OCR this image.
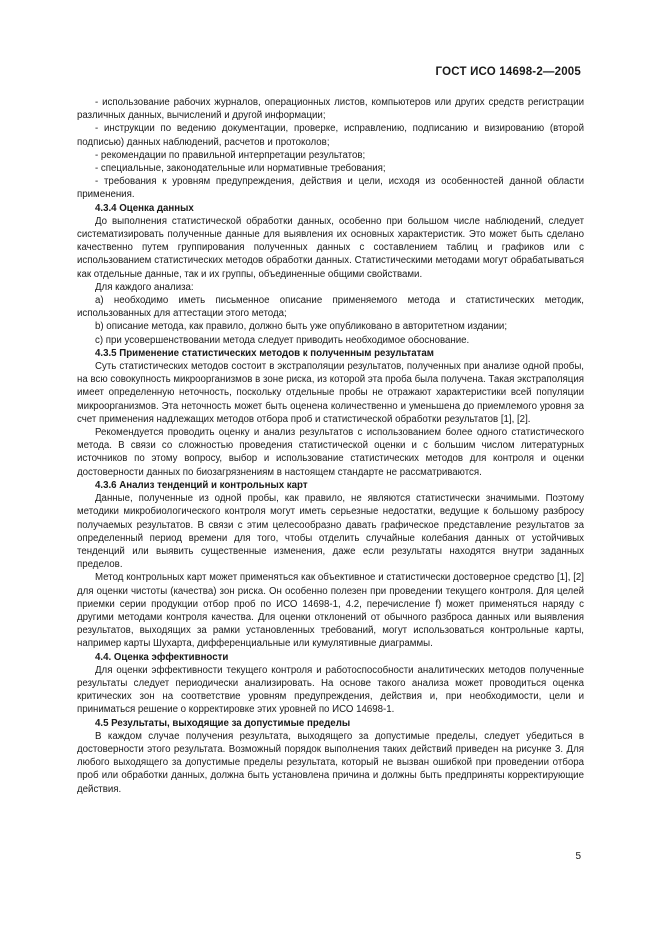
ГОСТ ИСО 14698-2—2005

- использование рабочих журналов, операционных листов, компьютеров или других средств регистрации различных данных, вычислений и другой информации;

- инструкции по ведению документации, проверке, исправлению, подписанию и визированию (второй подписью) данных наблюдений, расчетов и протоколов;

- рекомендации по правильной интерпретации результатов;

- специальные, законодательные или нормативные требования;

- требования к уровням предупреждения, действия и цели, исходя из особенностей данной области применения.

4.3.4 Оценка данных

До выполнения статистической обработки данных, особенно при большом числе наблюдений, следует систематизировать полученные данные для выявления их основных характеристик. Это может быть сделано качественно путем группирования полученных данных с составлением таблиц и графиков или с использованием статистических методов обработки данных. Статистическими методами могут обрабатываться как отдельные данные, так и их группы, объединенные общими свойствами.

Для каждого анализа:

а) необходимо иметь письменное описание применяемого метода и статистических методик, использованных для аттестации этого метода;

b) описание метода, как правило, должно быть уже опубликовано в авторитетном издании;

с) при усовершенствовании метода следует приводить необходимое обоснование.

4.3.5 Применение статистических методов к полученным результатам

Суть статистических методов состоит в экстраполяции результатов, полученных при анализе одной пробы, на всю совокупность микроорганизмов в зоне риска, из которой эта проба была получена. Такая экстраполяция имеет определенную неточность, поскольку отдельные пробы не отражают характеристики всей популяции микроорганизмов. Эта неточность может быть оценена количественно и уменьшена до приемлемого уровня за счет применения надлежащих методов отбора проб и статистической обработки результатов [1], [2].

Рекомендуется проводить оценку и анализ результатов с использованием более одного статистического метода. В связи со сложностью проведения статистической оценки и с большим числом литературных источников по этому вопросу, выбор и использование статистических методов для контроля и оценки достоверности данных по биозагрязнениям в настоящем стандарте не рассматриваются.

4.3.6 Анализ тенденций и контрольных карт

Данные, полученные из одной пробы, как правило, не являются статистически значимыми. Поэтому методики микробиологического контроля могут иметь серьезные недостатки, ведущие к большому разбросу получаемых результатов. В связи с этим целесообразно давать графическое представление результатов за определенный период времени для того, чтобы отделить случайные колебания данных от устойчивых тенденций или выявить существенные изменения, даже если результаты находятся внутри заданных пределов.

Метод контрольных карт может применяться как объективное и статистически достоверное средство [1], [2] для оценки чистоты (качества) зон риска. Он особенно полезен при проведении текущего контроля. Для целей приемки серии продукции отбор проб по ИСО 14698-1, 4.2, перечисление f) может применяться наряду с другими методами контроля качества. Для оценки отклонений от обычного разброса данных или выявления результатов, выходящих за рамки установленных требований, могут использоваться контрольные карты, например карты Шухарта, дифференциальные или кумулятивные диаграммы.

4.4. Оценка эффективности

Для оценки эффективности текущего контроля и работоспособности аналитических методов полученные результаты следует периодически анализировать. На основе такого анализа может проводиться оценка критических зон на соответствие уровням предупреждения, действия и, при необходимости, цели и приниматься решение о корректировке этих уровней по ИСО 14698-1.

4.5 Результаты, выходящие за допустимые пределы

В каждом случае получения результата, выходящего за допустимые пределы, следует убедиться в достоверности этого результата. Возможный порядок выполнения таких действий приведен на рисунке 3. Для любого выходящего за допустимые пределы результата, который не вызван ошибкой при проведении отбора проб или обработки данных, должна быть установлена причина и должны быть предприняты корректирующие действия.

5
